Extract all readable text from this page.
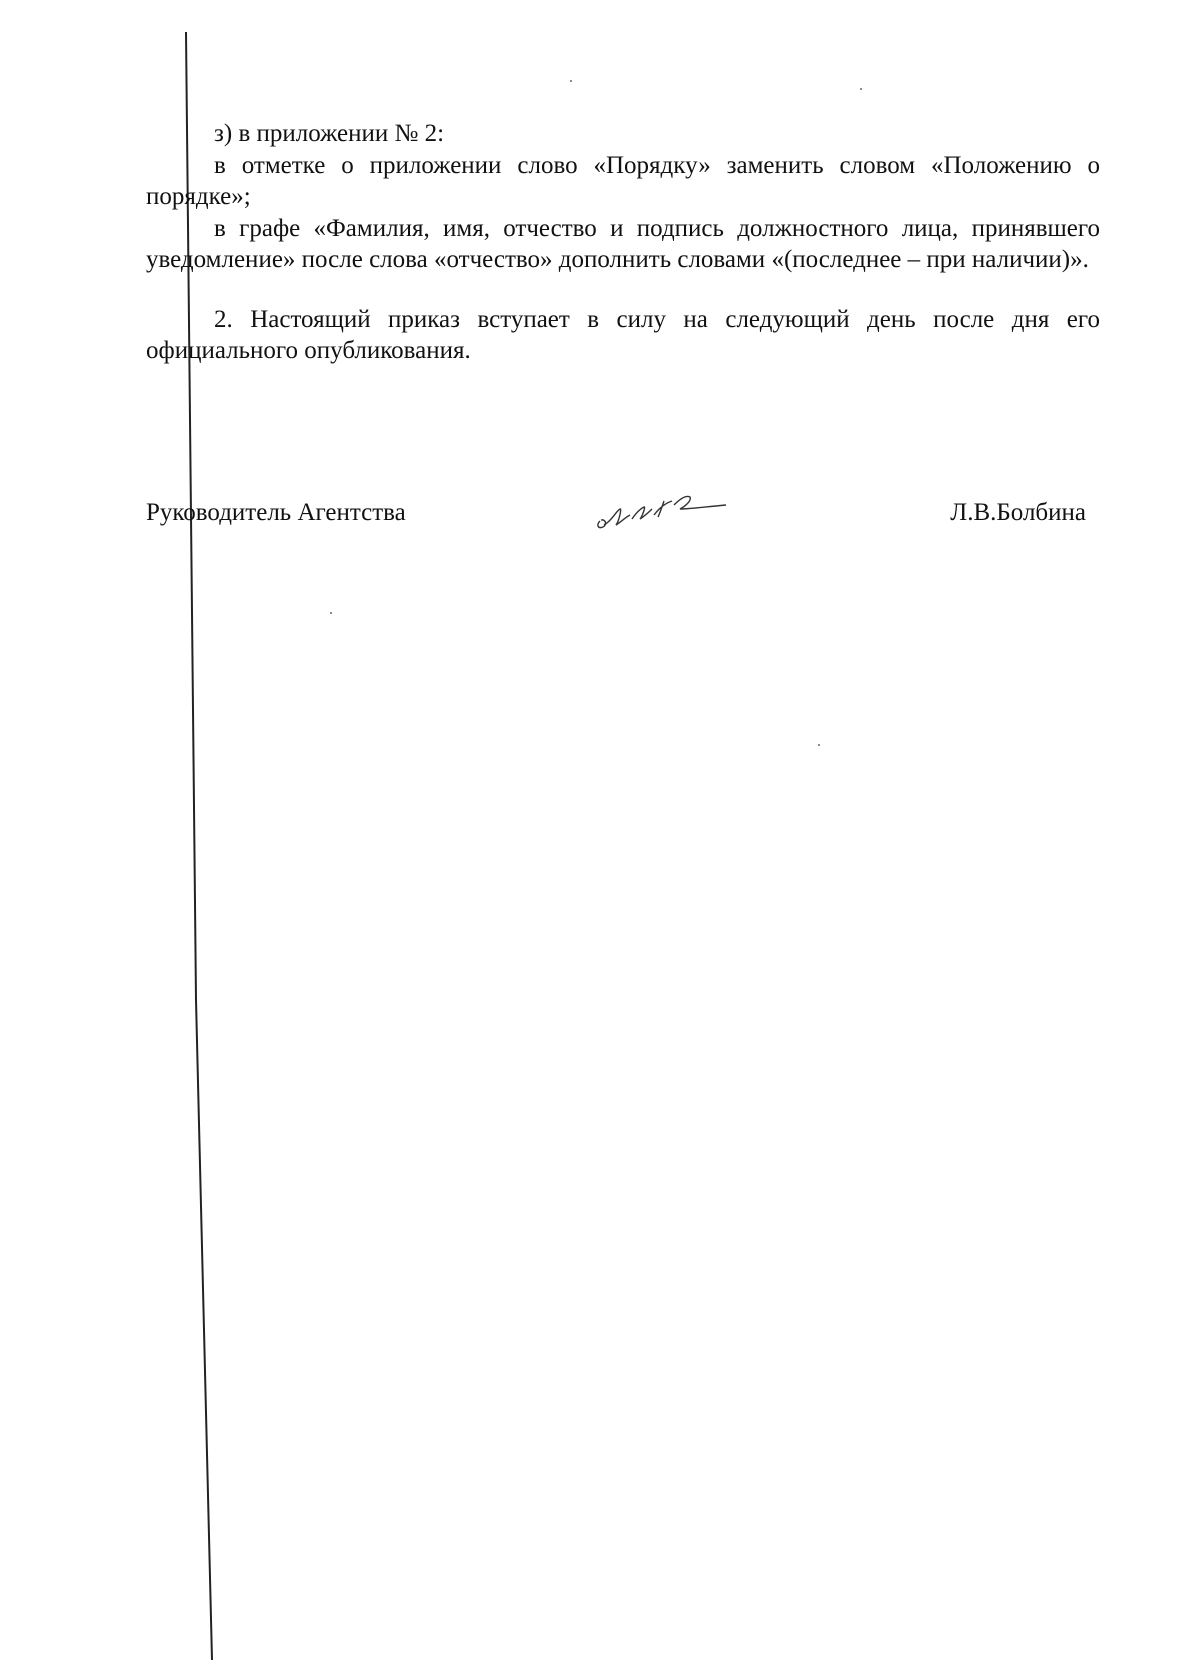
з) в приложении № 2:

в отметке о приложении слово «Порядку» заменить словом «Положению о порядке»;

в графе «Фамилия, имя, отчество и подпись должностного лица, принявшего уведомление» после слова «отчество» дополнить словами «(последнее – при наличии)».

2. Настоящий приказ вступает в силу на следующий день после дня его официального опубликования.

Руководитель Агентства	Л.В.Болбина
